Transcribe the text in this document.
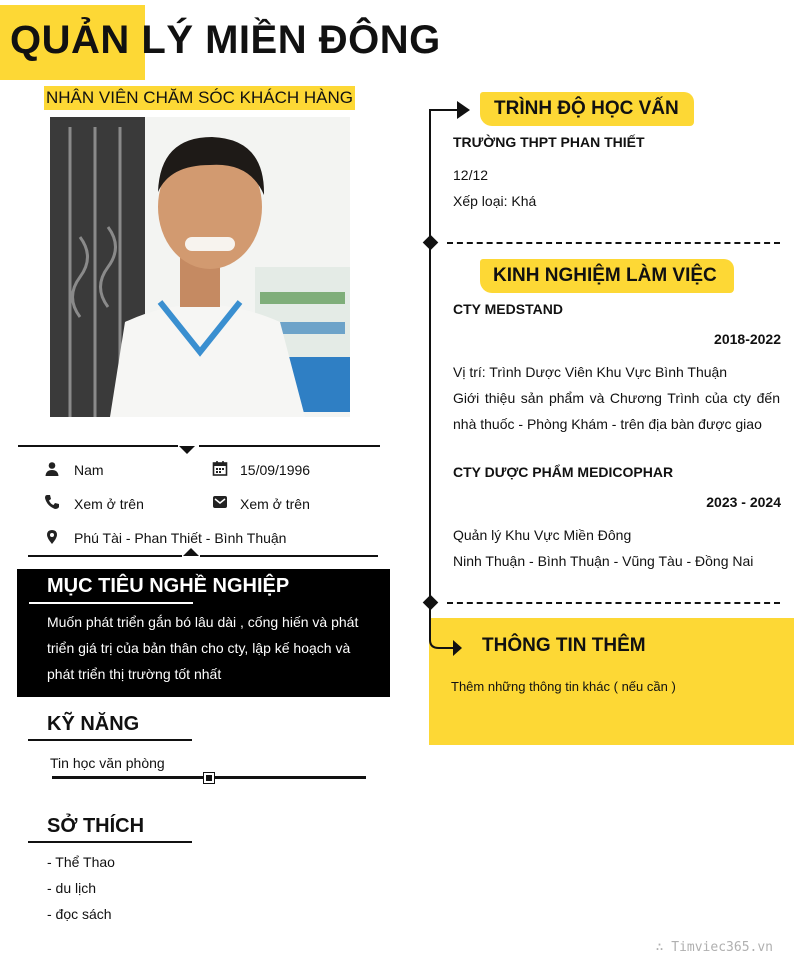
QUẢN LÝ MIỀN ĐÔNG
NHÂN VIÊN CHĂM SÓC KHÁCH HÀNG
Nam	15/09/1996
Xem ở trên	Xem ở trên
Phú Tài - Phan Thiết - Bình Thuận
MỤC TIÊU NGHỀ NGHIỆP
Muốn phát triển gắn bó lâu dài , cống hiến và phát triển giá trị của bản thân cho cty, lập kế hoạch và phát triển thị trường tốt nhất
KỸ NĂNG
Tin học văn phòng
SỞ THÍCH
- Thể Thao
- du lịch
- đọc sách
TRÌNH ĐỘ HỌC VẤN
TRƯỜNG THPT PHAN THIẾT
12/12
Xếp loại: Khá
KINH NGHIỆM LÀM VIỆC
CTY MEDSTAND
2018-2022
Vị trí: Trình Dược Viên Khu Vực Bình Thuận
Giới thiệu sản phẩm và Chương Trình của cty đến
nhà thuốc - Phòng Khám - trên địa bàn được giao
CTY DƯỢC PHẨM MEDICOPHAR
2023 - 2024
Quản lý Khu Vực Miền Đông
Ninh Thuận - Bình Thuận - Vũng Tàu - Đồng Nai
THÔNG TIN THÊM
Thêm những thông tin khác ( nếu cần )
∴ Timviec365.vn
